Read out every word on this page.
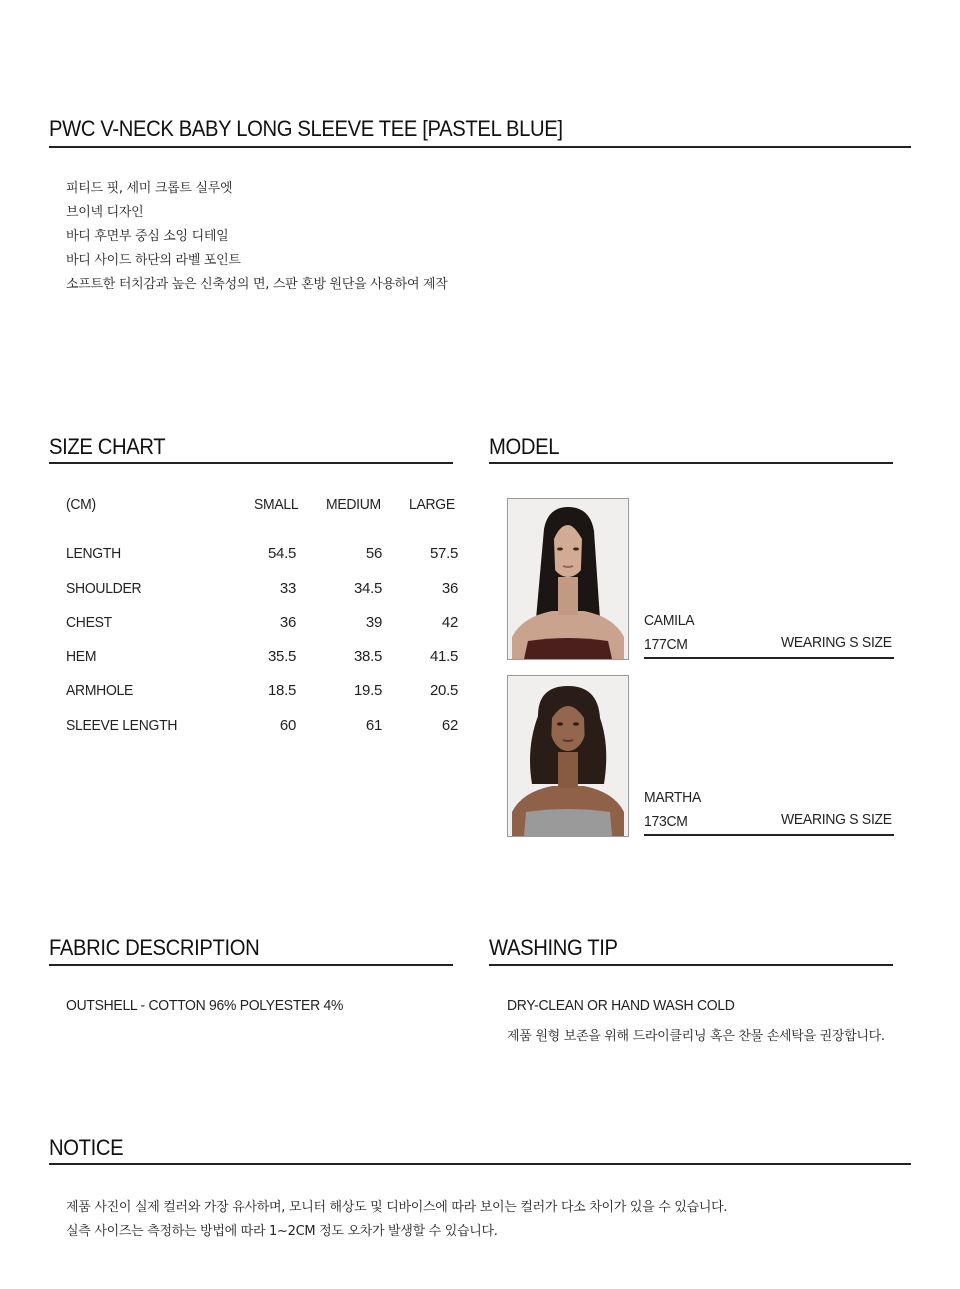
PWC V-NECK BABY LONG SLEEVE TEE [PASTEL BLUE]
피티드 핏, 세미 크롭트 실루엣
브이넥 디자인
바디 후면부 중심 소잉 디테일
바디 사이드 하단의 라벨 포인트
소프트한 터치감과 높은 신축성의 면, 스판 혼방 원단을 사용하여 제작
SIZE CHART
(CM)	SMALL MEDIUM LARGE
LENGTH	54.5	56	57.5
SHOULDER	33	34.5	36
CHEST	36	39	42
HEM	35.5	38.5	41.5
ARMHOLE	18.5	19.5	20.5
SLEEVE LENGTH	60	61	62
MODEL
CAMILA
177CM	WEARING S SIZE
MARTHA
173CM	WEARING S SIZE
FABRIC DESCRIPTION
OUTSHELL - COTTON 96% POLYESTER 4%
WASHING TIP
DRY-CLEAN OR HAND WASH COLD
제품 원형 보존을 위해 드라이클리닝 혹은 찬물 손세탁을 권장합니다.
NOTICE
제품 사진이 실제 컬러와 가장 유사하며, 모니터 해상도 및 디바이스에 따라 보이는 컬러가 다소 차이가 있을 수 있습니다.
실측 사이즈는 측정하는 방법에 따라 1~2CM 정도 오차가 발생할 수 있습니다.
